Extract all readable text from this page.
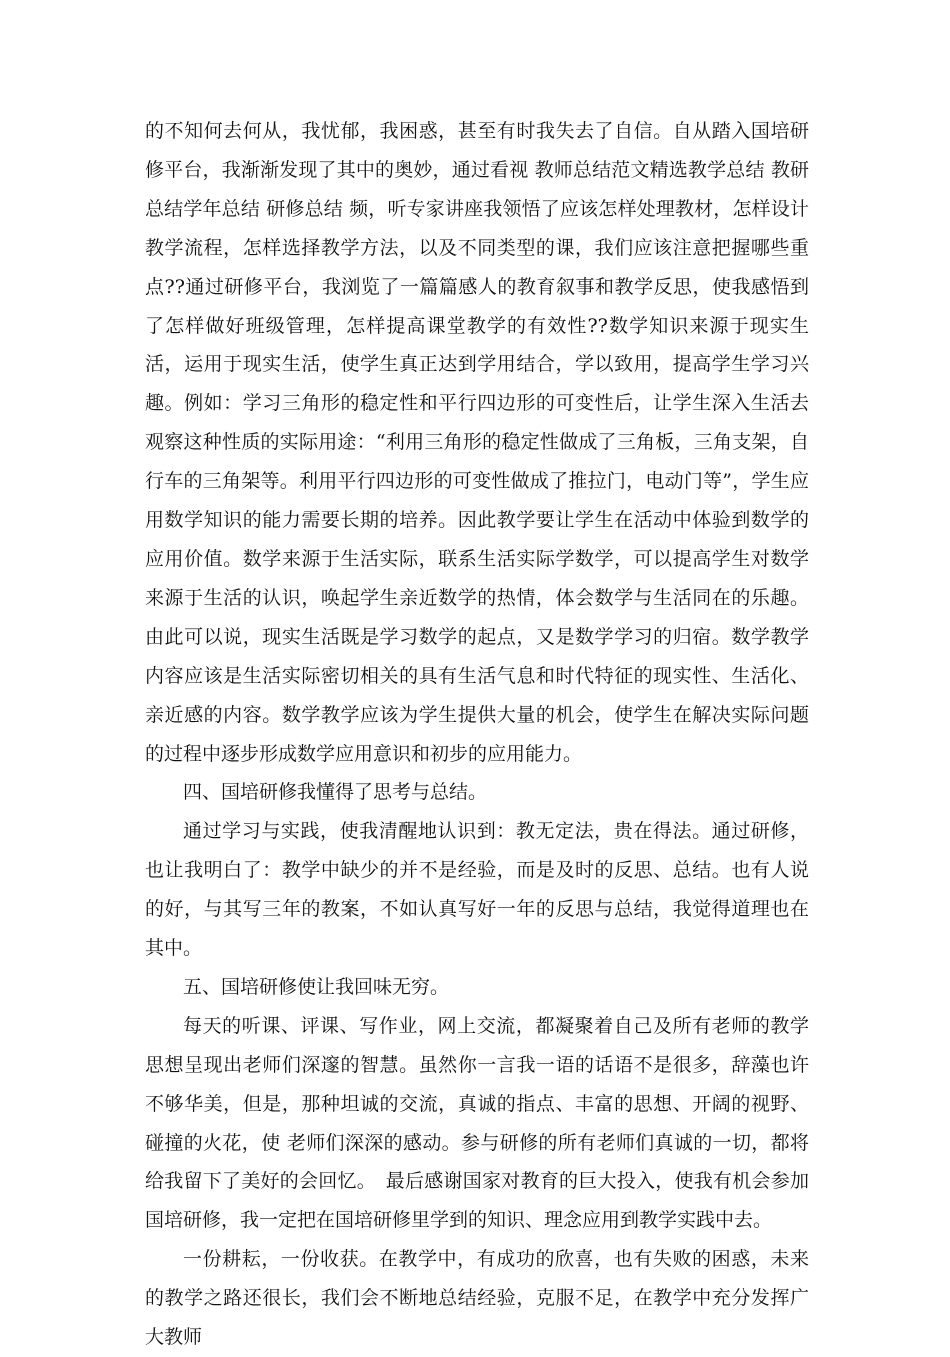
的不知何去何从，我忧郁，我困惑，甚至有时我失去了自信。自从踏入国培研修平台，我渐渐发现了其中的奥妙，通过看视 教师总结范文精选教学总结 教研总结学年总结 研修总结 频，听专家讲座我领悟了应该怎样处理教材，怎样设计教学流程，怎样选择教学方法，以及不同类型的课，我们应该注意把握哪些重点??通过研修平台，我浏览了一篇篇感人的教育叙事和教学反思，使我感悟到了怎样做好班级管理，怎样提高课堂教学的有效性??数学知识来源于现实生活，运用于现实生活，使学生真正达到学用结合，学以致用，提高学生学习兴趣。例如：学习三角形的稳定性和平行四边形的可变性后，让学生深入生活去观察这种性质的实际用途：“利用三角形的稳定性做成了三角板，三角支架，自行车的三角架等。利用平行四边形的可变性做成了推拉门，电动门等”，学生应用数学知识的能力需要长期的培养。因此教学要让学生在活动中体验到数学的应用价值。数学来源于生活实际，联系生活实际学数学，可以提高学生对数学来源于生活的认识，唤起学生亲近数学的热情，体会数学与生活同在的乐趣。由此可以说，现实生活既是学习数学的起点，又是数学学习的归宿。数学教学内容应该是生活实际密切相关的具有生活气息和时代特征的现实性、生活化、亲近感的内容。数学教学应该为学生提供大量的机会，使学生在解决实际问题的过程中逐步形成数学应用意识和初步的应用能力。

四、国培研修我懂得了思考与总结。

通过学习与实践，使我清醒地认识到：教无定法，贵在得法。通过研修，也让我明白了：教学中缺少的并不是经验，而是及时的反思、总结。也有人说的好，与其写三年的教案，不如认真写好一年的反思与总结，我觉得道理也在其中。

五、国培研修使让我回味无穷。

每天的听课、评课、写作业，网上交流，都凝聚着自己及所有老师的教学思想呈现出老师们深邃的智慧。虽然你一言我一语的话语不是很多，辞藻也许不够华美，但是，那种坦诚的交流，真诚的指点、丰富的思想、开阔的视野、碰撞的火花，使 老师们深深的感动。参与研修的所有老师们真诚的一切，都将给我留下了美好的会回忆。　最后感谢国家对教育的巨大投入，使我有机会参加国培研修，我一定把在国培研修里学到的知识、理念应用到教学实践中去。

一份耕耘，一份收获。在教学中，有成功的欣喜，也有失败的困惑，未来的教学之路还很长，我们会不断地总结经验，克服不足，在教学中充分发挥广大教师
